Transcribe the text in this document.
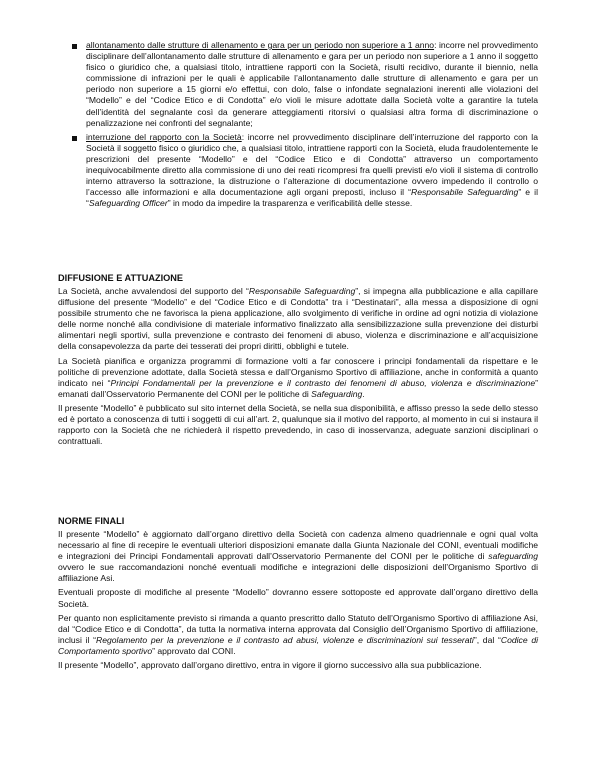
allontanamento dalle strutture di allenamento e gara per un periodo non superiore a 1 anno: incorre nel provvedimento disciplinare dell’allontanamento dalle strutture di allenamento e gara per un periodo non superiore a 1 anno il soggetto fisico o giuridico che, a qualsiasi titolo, intrattiene rapporti con la Società, risulti recidivo, durante il biennio, nella commissione di infrazioni per le quali è applicabile l’allontanamento dalle strutture di allenamento e gara per un periodo non superiore a 15 giorni e/o effettui, con dolo, false o infondate segnalazioni inerenti alle violazioni del “Modello” e del “Codice Etico e di Condotta” e/o violi le misure adottate dalla Società volte a garantire la tutela dell’identità del segnalante così da generare atteggiamenti ritorsivi o qualsiasi altra forma di discriminazione o penalizzazione nei confronti del segnalante;

interruzione del rapporto con la Società: incorre nel provvedimento disciplinare dell’interruzione del rapporto con la Società il soggetto fisico o giuridico che, a qualsiasi titolo, intrattiene rapporti con la Società, eluda fraudolentemente le prescrizioni del presente “Modello” e del “Codice Etico e di Condotta” attraverso un comportamento inequivocabilmente diretto alla commissione di uno dei reati ricompresi fra quelli previsti e/o violi il sistema di controllo interno attraverso la sottrazione, la distruzione o l’alterazione di documentazione ovvero impedendo il controllo o l’accesso alle informazioni e alla documentazione agli organi preposti, incluso il “Responsabile Safeguarding” e il “Safeguarding Officer” in modo da impedire la trasparenza e verificabilità delle stesse.

DIFFUSIONE E ATTUAZIONE

La Società, anche avvalendosi del supporto del “Responsabile Safeguarding”, si impegna alla pubblicazione e alla capillare diffusione del presente “Modello” e del “Codice Etico e di Condotta” tra i “Destinatari”, alla messa a disposizione di ogni possibile strumento che ne favorisca la piena applicazione, allo svolgimento di verifiche in ordine ad ogni notizia di violazione delle norme nonché alla condivisione di materiale informativo finalizzato alla sensibilizzazione sulla prevenzione dei disturbi alimentari negli sportivi, sulla prevenzione e contrasto dei fenomeni di abuso, violenza e discriminazione e all’acquisizione della consapevolezza da parte dei tesserati dei propri diritti, obblighi e tutele.

La Società pianifica e organizza programmi di formazione volti a far conoscere i principi fondamentali da rispettare e le politiche di prevenzione adottate, dalla Società stessa e dall’Organismo Sportivo di affiliazione, anche in conformità a quanto indicato nei “Principi Fondamentali per la prevenzione e il contrasto dei fenomeni di abuso, violenza e discriminazione” emanati dall’Osservatorio Permanente del CONI per le politiche di Safeguarding.

Il presente “Modello” è pubblicato sul sito internet della Società, se nella sua disponibilità, e affisso presso la sede dello stesso ed è portato a conoscenza di tutti i soggetti di cui all’art. 2, qualunque sia il motivo del rapporto, al momento in cui si instaura il rapporto con la Società che ne richiederà il rispetto prevedendo, in caso di inosservanza, adeguate sanzioni disciplinari o contrattuali.

NORME FINALI

Il presente “Modello” è aggiornato dall’organo direttivo della Società con cadenza almeno quadriennale e ogni qual volta necessario al fine di recepire le eventuali ulteriori disposizioni emanate dalla Giunta Nazionale del CONI, eventuali modifiche e integrazioni dei Principi Fondamentali approvati dall’Osservatorio Permanente del CONI per le politiche di safeguarding ovvero le sue raccomandazioni nonché eventuali modifiche e integrazioni delle disposizioni dell’Organismo Sportivo di affiliazione Asi.

Eventuali proposte di modifiche al presente “Modello” dovranno essere sottoposte ed approvate dall’organo direttivo della Società.

Per quanto non esplicitamente previsto si rimanda a quanto prescritto dallo Statuto dell’Organismo Sportivo di affiliazione Asi, dal “Codice Etico e di Condotta”, da tutta la normativa interna approvata dal Consiglio dell’Organismo Sportivo di affiliazione, inclusi il “Regolamento per la prevenzione e il contrasto ad abusi, violenze e discriminazioni sui tesserati”, dal “Codice di Comportamento sportivo” approvato dal CONI.

Il presente “Modello”, approvato dall’organo direttivo, entra in vigore il giorno successivo alla sua pubblicazione.
